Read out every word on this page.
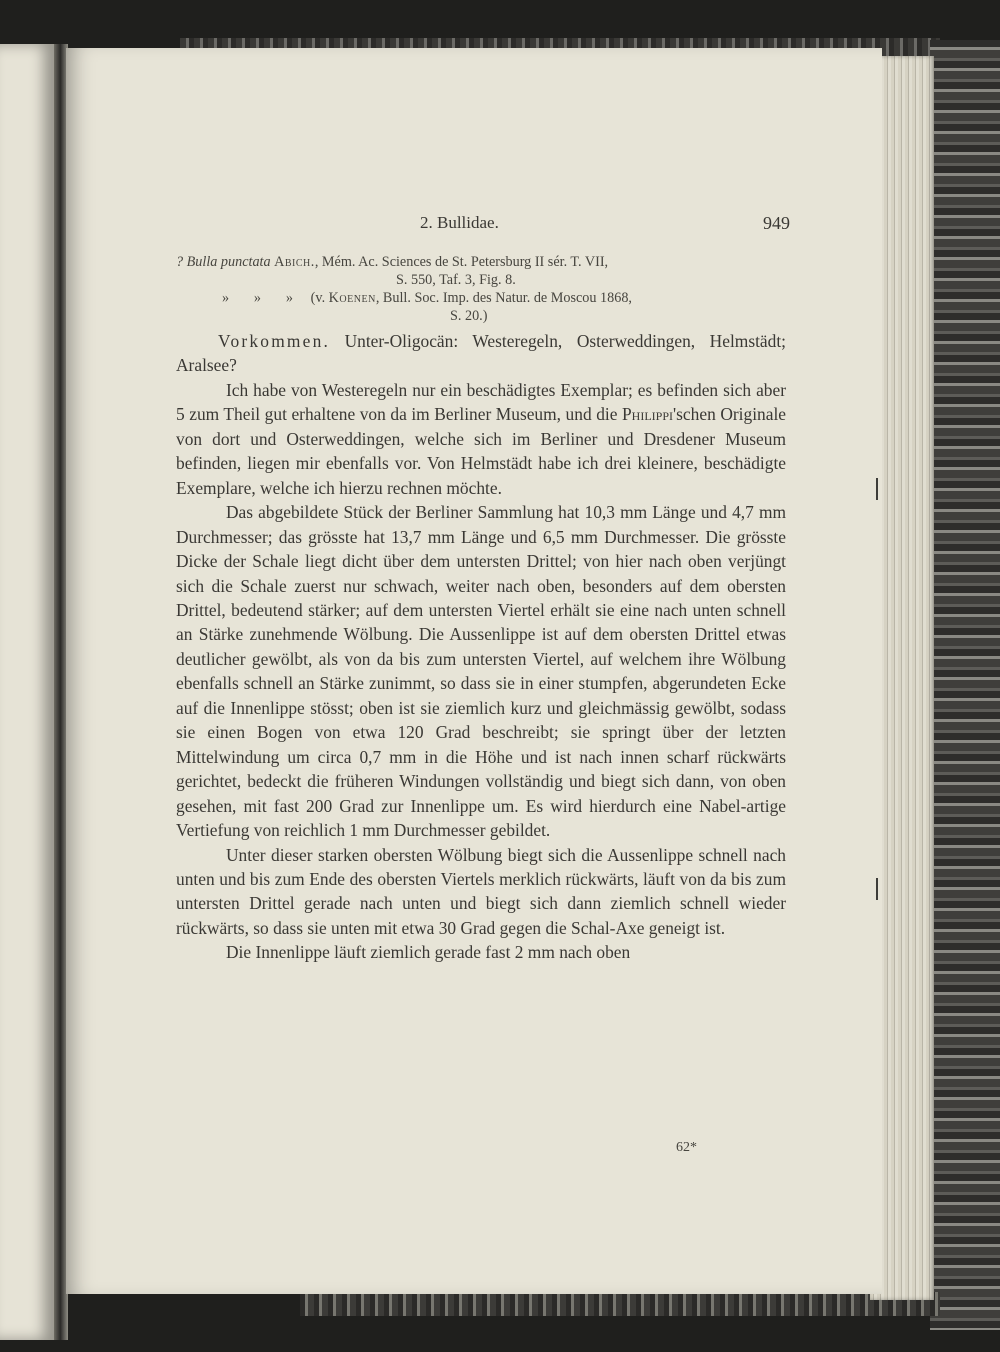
2. Bullidae.	949
? Bulla punctata Abich., Mém. Ac. Sciences de St. Petersburg II sér. T. VII,
S. 550, Taf. 3, Fig. 8.
»       »       » (v. Koenen, Bull. Soc. Imp. des Natur. de Moscou 1868,
S. 20.)

Vorkommen. Unter-Oligocän: Westeregeln, Osterweddingen, Helmstädt; Aralsee?

Ich habe von Westeregeln nur ein beschädigtes Exemplar; es befinden sich aber 5 zum Theil gut erhaltene von da im Berliner Museum, und die Philippi'schen Originale von dort und Osterweddingen, welche sich im Berliner und Dresdener Museum befinden, liegen mir ebenfalls vor. Von Helmstädt habe ich drei kleinere, beschädigte Exemplare, welche ich hierzu rechnen möchte.

Das abgebildete Stück der Berliner Sammlung hat 10,3 mm Länge und 4,7 mm Durchmesser; das grösste hat 13,7 mm Länge und 6,5 mm Durchmesser. Die grösste Dicke der Schale liegt dicht über dem untersten Drittel; von hier nach oben verjüngt sich die Schale zuerst nur schwach, weiter nach oben, besonders auf dem obersten Drittel, bedeutend stärker; auf dem untersten Viertel erhält sie eine nach unten schnell an Stärke zunehmende Wölbung. Die Aussenlippe ist auf dem obersten Drittel etwas deutlicher gewölbt, als von da bis zum untersten Viertel, auf welchem ihre Wölbung ebenfalls schnell an Stärke zunimmt, so dass sie in einer stumpfen, abgerundeten Ecke auf die Innenlippe stösst; oben ist sie ziemlich kurz und gleichmässig gewölbt, sodass sie einen Bogen von etwa 120 Grad beschreibt; sie springt über der letzten Mittelwindung um circa 0,7 mm in die Höhe und ist nach innen scharf rückwärts gerichtet, bedeckt die früheren Windungen vollständig und biegt sich dann, von oben gesehen, mit fast 200 Grad zur Innenlippe um. Es wird hierdurch eine Nabel-artige Vertiefung von reichlich 1 mm Durchmesser gebildet.

Unter dieser starken obersten Wölbung biegt sich die Aussenlippe schnell nach unten und bis zum Ende des obersten Viertels merklich rückwärts, läuft von da bis zum untersten Drittel gerade nach unten und biegt sich dann ziemlich schnell wieder rückwärts, so dass sie unten mit etwa 30 Grad gegen die Schal-Axe geneigt ist.

Die Innenlippe läuft ziemlich gerade fast 2 mm nach oben

62*
